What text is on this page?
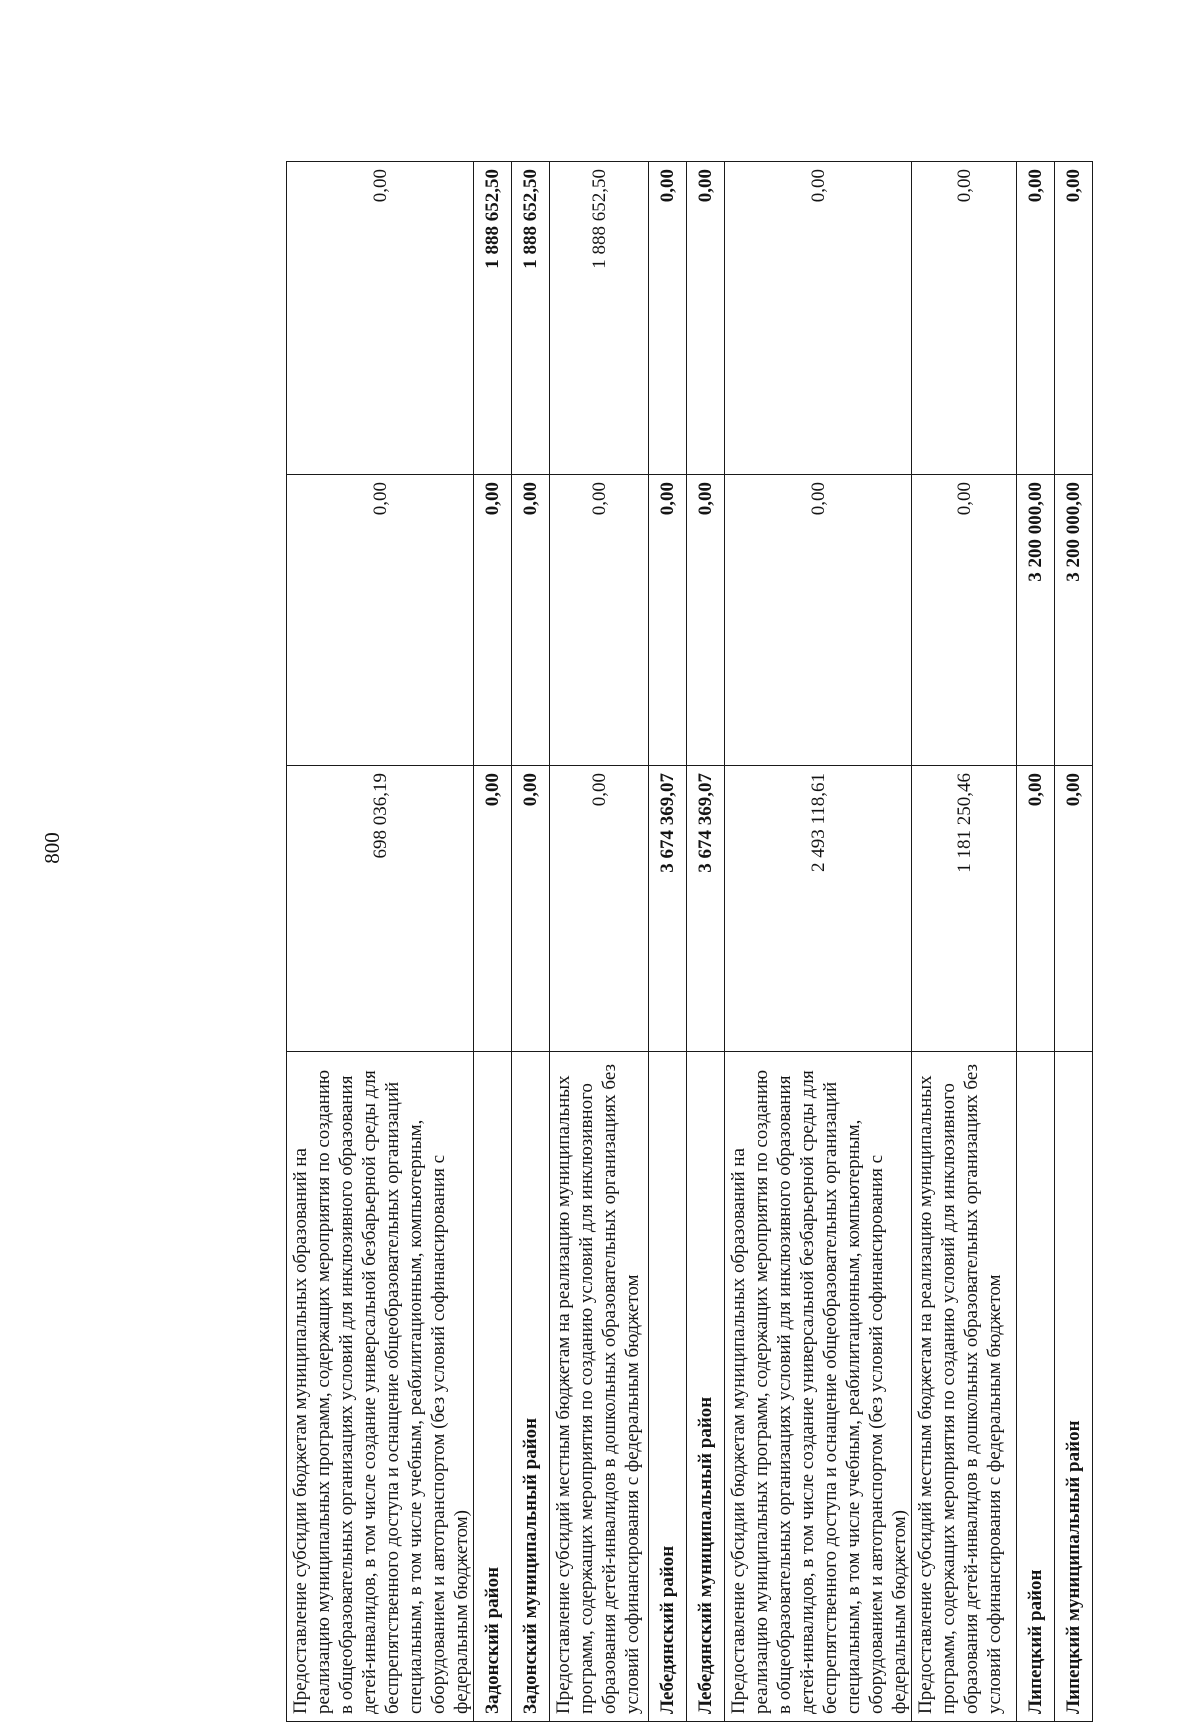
800
Предоставление субсидии бюджетам муниципальных образований на реализацию муниципальных программ, содержащих мероприятия по созданию в общеобразовательных организациях условий для инклюзивного образования детей-инвалидов, в том числе создание универсальной безбарьерной среды для беспрепятственного доступа и оснащение общеобразовательных организаций специальным, в том числе учебным, реабилитационным, компьютерным, оборудованием и автотранспортом (без условий софинансирования с федеральным бюджетом)	698 036,19	0,00	0,00
Задонский район	0,00	0,00	1 888 652,50
Задонский муниципальный район	0,00	0,00	1 888 652,50

Предоставление субсидий местным бюджетам на реализацию муниципальных программ, содержащих мероприятия по созданию условий для инклюзивного образования детей-инвалидов в дошкольных образовательных организациях без условий софинансирования с федеральным бюджетом	0,00	0,00	1 888 652,50
Лебедянский район	3 674 369,07	0,00	0,00
Лебедянский муниципальный район	3 674 369,07	0,00	0,00

Предоставление субсидии бюджетам муниципальных образований на реализацию муниципальных программ, содержащих мероприятия по созданию в общеобразовательных организациях условий для инклюзивного образования детей-инвалидов, в том числе создание универсальной безбарьерной среды для беспрепятственного доступа и оснащение общеобразовательных организаций специальным, в том числе учебным, реабилитационным, компьютерным, оборудованием и автотранспортом (без условий софинансирования с федеральным бюджетом)	2 493 118,61	0,00	0,00

Предоставление субсидий местным бюджетам на реализацию муниципальных программ, содержащих мероприятия по созданию условий для инклюзивного образования детей-инвалидов в дошкольных образовательных организациях без условий софинансирования с федеральным бюджетом	1 181 250,46	0,00	0,00
Липецкий район	0,00	3 200 000,00	0,00
Липецкий муниципальный район	0,00	3 200 000,00	0,00
